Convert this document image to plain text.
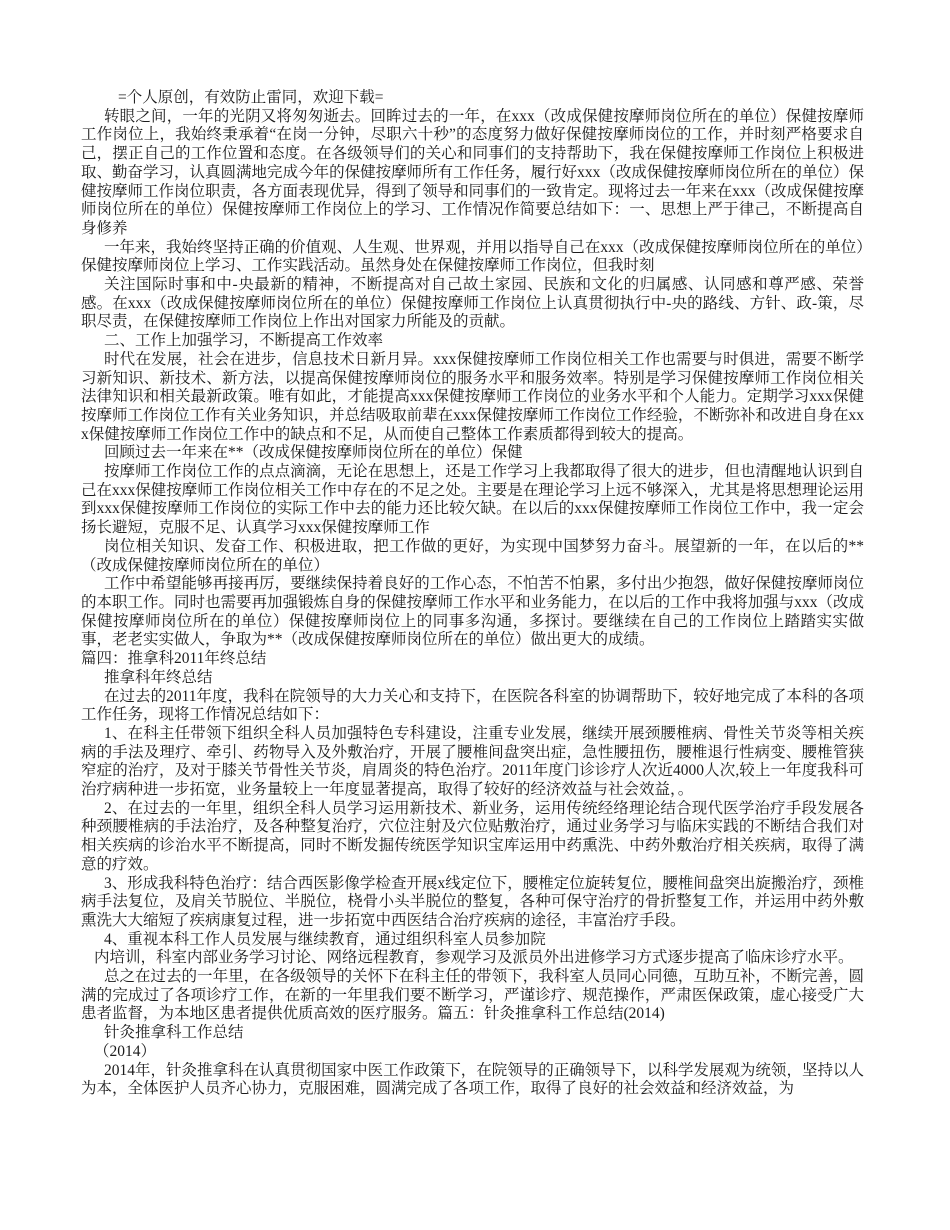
=个人原创，有效防止雷同，欢迎下载=

转眼之间，一年的光阴又将匆匆逝去。回眸过去的一年，在xxx（改成保健按摩师岗位所在的单位）保健按摩师工作岗位上，我始终秉承着“在岗一分钟，尽职六十秒”的态度努力做好保健按摩师岗位的工作，并时刻严格要求自己，摆正自己的工作位置和态度。在各级领导们的关心和同事们的支持帮助下，我在保健按摩师工作岗位上积极进取、勤奋学习，认真圆满地完成今年的保健按摩师所有工作任务，履行好xxx（改成保健按摩师岗位所在的单位）保健按摩师工作岗位职责，各方面表现优异，得到了领导和同事们的一致肯定。现将过去一年来在xxx（改成保健按摩师岗位所在的单位）保健按摩师工作岗位上的学习、工作情况作简要总结如下：一、思想上严于律己，不断提高自身修养

一年来，我始终坚持正确的价值观、人生观、世界观，并用以指导自己在xxx（改成保健按摩师岗位所在的单位）保健按摩师岗位上学习、工作实践活动。虽然身处在保健按摩师工作岗位，但我时刻

关注国际时事和中-央最新的精神，不断提高对自己故土家园、民族和文化的归属感、认同感和尊严感、荣誉感。在xxx（改成保健按摩师岗位所在的单位）保健按摩师工作岗位上认真贯彻执行中-央的路线、方针、政-策，尽职尽责，在保健按摩师工作岗位上作出对国家力所能及的贡献。

二、工作上加强学习，不断提高工作效率

时代在发展，社会在进步，信息技术日新月异。xxx保健按摩师工作岗位相关工作也需要与时俱进，需要不断学习新知识、新技术、新方法，以提高保健按摩师岗位的服务水平和服务效率。特别是学习保健按摩师工作岗位相关法律知识和相关最新政策。唯有如此，才能提高xxx保健按摩师工作岗位的业务水平和个人能力。定期学习xxx保健按摩师工作岗位工作有关业务知识，并总结吸取前辈在xxx保健按摩师工作岗位工作经验，不断弥补和改进自身在xxx保健按摩师工作岗位工作中的缺点和不足，从而使自己整体工作素质都得到较大的提高。

回顾过去一年来在**（改成保健按摩师岗位所在的单位）保健

按摩师工作岗位工作的点点滴滴，无论在思想上，还是工作学习上我都取得了很大的进步，但也清醒地认识到自己在xxx保健按摩师工作岗位相关工作中存在的不足之处。主要是在理论学习上远不够深入，尤其是将思想理论运用到xxx保健按摩师工作岗位的实际工作中去的能力还比较欠缺。在以后的xxx保健按摩师工作岗位工作中，我一定会扬长避短，克服不足、认真学习xxx保健按摩师工作

岗位相关知识、发奋工作、积极进取，把工作做的更好，为实现中国梦努力奋斗。展望新的一年，在以后的**（改成保健按摩师岗位所在的单位）

工作中希望能够再接再厉，要继续保持着良好的工作心态，不怕苦不怕累，多付出少抱怨，做好保健按摩师岗位的本职工作。同时也需要再加强锻炼自身的保健按摩师工作水平和业务能力，在以后的工作中我将加强与xxx（改成保健按摩师岗位所在的单位）保健按摩师岗位上的同事多沟通，多探讨。要继续在自己的工作岗位上踏踏实实做事，老老实实做人，争取为**（改成保健按摩师岗位所在的单位）做出更大的成绩。

篇四：推拿科2011年终总结

推拿科年终总结

在过去的2011年度，我科在院领导的大力关心和支持下，在医院各科室的协调帮助下，较好地完成了本科的各项工作任务，现将工作情况总结如下：

1、在科主任带领下组织全科人员加强特色专科建设，注重专业发展，继续开展颈腰椎病、骨性关节炎等相关疾病的手法及理疗、牵引、药物导入及外敷治疗，开展了腰椎间盘突出症，急性腰扭伤，腰椎退行性病变、腰椎管狭窄症的治疗，及对于膝关节骨性关节炎，肩周炎的特色治疗。2011年度门诊诊疗人次近4000人次,较上一年度我科可治疗病种进一步拓宽，业务量较上一年度显著提高，取得了较好的经济效益与社会效益，。

2、在过去的一年里，组织全科人员学习运用新技术、新业务，运用传统经络理论结合现代医学治疗手段发展各种颈腰椎病的手法治疗，及各种整复治疗，穴位注射及穴位贴敷治疗，通过业务学习与临床实践的不断结合我们对相关疾病的诊治水平不断提高，同时不断发掘传统医学知识宝库运用中药熏洗、中药外敷治疗相关疾病，取得了满意的疗效。

3、形成我科特色治疗：结合西医影像学检查开展x线定位下，腰椎定位旋转复位，腰椎间盘突出旋搬治疗，颈椎病手法复位，及肩关节脱位、半脱位，桡骨小头半脱位的整复，各种可保守治疗的骨折整复工作，并运用中药外敷熏洗大大缩短了疾病康复过程，进一步拓宽中西医结合治疗疾病的途径，丰富治疗手段。

4、重视本科工作人员发展与继续教育，通过组织科室人员参加院

内培训，科室内部业务学习讨论、网络远程教育，参观学习及派员外出进修学习方式逐步提高了临床诊疗水平。

总之在过去的一年里，在各级领导的关怀下在科主任的带领下，我科室人员同心同德，互助互补，不断完善，圆满的完成过了各项诊疗工作，在新的一年里我们要不断学习，严谨诊疗、规范操作，严肃医保政策，虚心接受广大患者监督，为本地区患者提供优质高效的医疗服务。篇五：针灸推拿科工作总结(2014)

针灸推拿科工作总结

（2014）

2014年，针灸推拿科在认真贯彻国家中医工作政策下，在院领导的正确领导下，以科学发展观为统领，坚持以人为本，全体医护人员齐心协力，克服困难，圆满完成了各项工作，取得了良好的社会效益和经济效益，为
